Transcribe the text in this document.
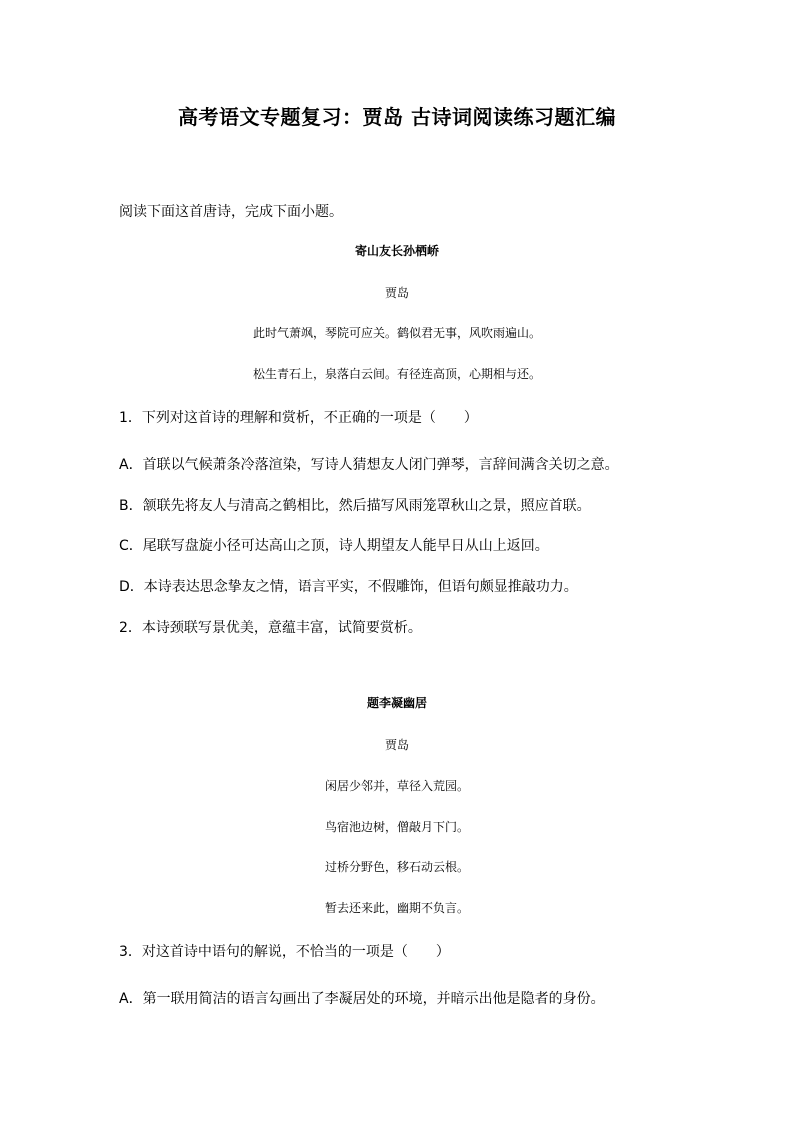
高考语文专题复习：贾岛 古诗词阅读练习题汇编
阅读下面这首唐诗，完成下面小题。
寄山友长孙栖峤
贾岛
此时气萧飒，琴院可应关。鹤似君无事，风吹雨遍山。
松生青石上，泉落白云间。有径连高顶，心期相与还。
1．下列对这首诗的理解和赏析，不正确的一项是（　　）
A．首联以气候萧条冷落渲染，写诗人猜想友人闭门弹琴，言辞间满含关切之意。
B．颔联先将友人与清高之鹤相比，然后描写风雨笼罩秋山之景，照应首联。
C．尾联写盘旋小径可达高山之顶，诗人期望友人能早日从山上返回。
D．本诗表达思念挚友之情，语言平实，不假雕饰，但语句颇显推敲功力。
2．本诗颈联写景优美，意蕴丰富，试简要赏析。
题李凝幽居
贾岛
闲居少邻并，草径入荒园。
鸟宿池边树，僧敲月下门。
过桥分野色，移石动云根。
暂去还来此，幽期不负言。
3．对这首诗中语句的解说，不恰当的一项是（　　）
A．第一联用简洁的语言勾画出了李凝居处的环境，并暗示出他是隐者的身份。
